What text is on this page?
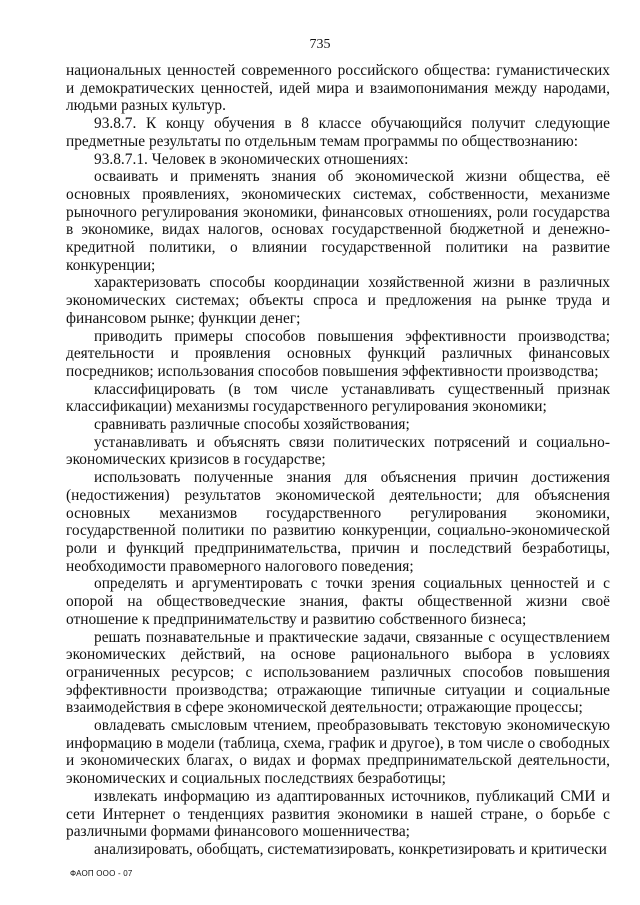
735

национальных ценностей современного российского общества: гуманистических и демократических ценностей, идей мира и взаимопонимания между народами, людьми разных культур.

93.8.7. К концу обучения в 8 классе обучающийся получит следующие предметные результаты по отдельным темам программы по обществознанию:

93.8.7.1. Человек в экономических отношениях:

осваивать и применять знания об экономической жизни общества, её основных проявлениях, экономических системах, собственности, механизме рыночного регулирования экономики, финансовых отношениях, роли государства в экономике, видах налогов, основах государственной бюджетной и денежно-кредитной политики, о влиянии государственной политики на развитие конкуренции;

характеризовать способы координации хозяйственной жизни в различных экономических системах; объекты спроса и предложения на рынке труда и финансовом рынке; функции денег;

приводить примеры способов повышения эффективности производства; деятельности и проявления основных функций различных финансовых посредников; использования способов повышения эффективности производства;

классифицировать (в том числе устанавливать существенный признак классификации) механизмы государственного регулирования экономики;

сравнивать различные способы хозяйствования;

устанавливать и объяснять связи политических потрясений и социально-экономических кризисов в государстве;

использовать полученные знания для объяснения причин достижения (недостижения) результатов экономической деятельности; для объяснения основных механизмов государственного регулирования экономики, государственной политики по развитию конкуренции, социально-экономической роли и функций предпринимательства, причин и последствий безработицы, необходимости правомерного налогового поведения;

определять и аргументировать с точки зрения социальных ценностей и с опорой на обществоведческие знания, факты общественной жизни своё отношение к предпринимательству и развитию собственного бизнеса;

решать познавательные и практические задачи, связанные с осуществлением экономических действий, на основе рационального выбора в условиях ограниченных ресурсов; с использованием различных способов повышения эффективности производства; отражающие типичные ситуации и социальные взаимодействия в сфере экономической деятельности; отражающие процессы;

овладевать смысловым чтением, преобразовывать текстовую экономическую информацию в модели (таблица, схема, график и другое), в том числе о свободных и экономических благах, о видах и формах предпринимательской деятельности, экономических и социальных последствиях безработицы;

извлекать информацию из адаптированных источников, публикаций СМИ и сети Интернет о тенденциях развития экономики в нашей стране, о борьбе с различными формами финансового мошенничества;

анализировать, обобщать, систематизировать, конкретизировать и критически

ФАОП ООО - 07
